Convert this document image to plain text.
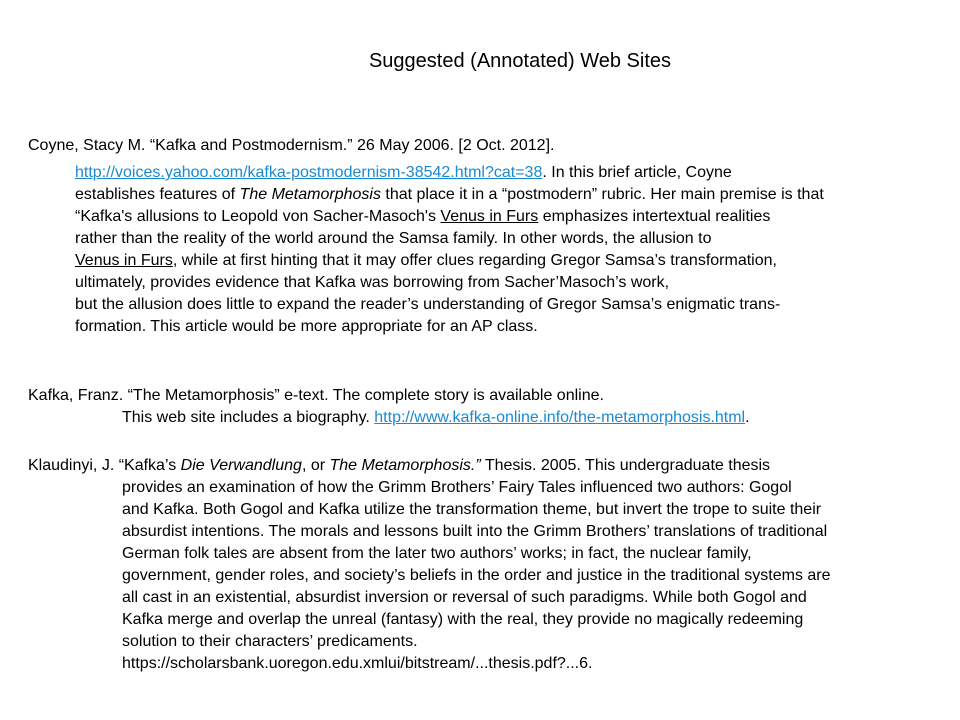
Suggested (Annotated) Web Sites
Coyne, Stacy M. “Kafka and Postmodernism.” 26 May 2006. [2 Oct. 2012].
http://voices.yahoo.com/kafka-postmodernism-38542.html?cat=38. In this brief article, Coyne
establishes features of The Metamorphosis that place it in a “postmodern” rubric. Her main premise is that
“Kafka's allusions to Leopold von Sacher-Masoch's Venus in Furs emphasizes intertextual realities
rather than the reality of the world around the Samsa family. In other words, the allusion to
Venus in Furs, while at first hinting that it may offer clues regarding Gregor Samsa’s transformation,
ultimately, provides evidence that Kafka was borrowing from Sacher’Masoch’s work,
but the allusion does little to expand the reader’s understanding of Gregor Samsa’s enigmatic trans-
formation. This article would be more appropriate for an AP class.
Kafka, Franz. “The Metamorphosis” e-text. The complete story is available online.
This web site includes a biography. http://www.kafka-online.info/the-metamorphosis.html.
Klaudinyi, J. “Kafka’s Die Verwandlung, or The Metamorphosis.” Thesis. 2005. This undergraduate thesis
provides an examination of how the Grimm Brothers’ Fairy Tales influenced two authors: Gogol
and Kafka. Both Gogol and Kafka utilize the transformation theme, but invert the trope to suite their
absurdist intentions. The morals and lessons built into the Grimm Brothers’ translations of traditional
German folk tales are absent from the later two authors’ works; in fact, the nuclear family,
government, gender roles, and society’s beliefs in the order and justice in the traditional systems are
all cast in an existential, absurdist inversion or reversal of such paradigms. While both Gogol and
Kafka merge and overlap the unreal (fantasy) with the real, they provide no magically redeeming
solution to their characters’ predicaments.
https://scholarsbank.uoregon.edu.xmlui/bitstream/...thesis.pdf?...6.
